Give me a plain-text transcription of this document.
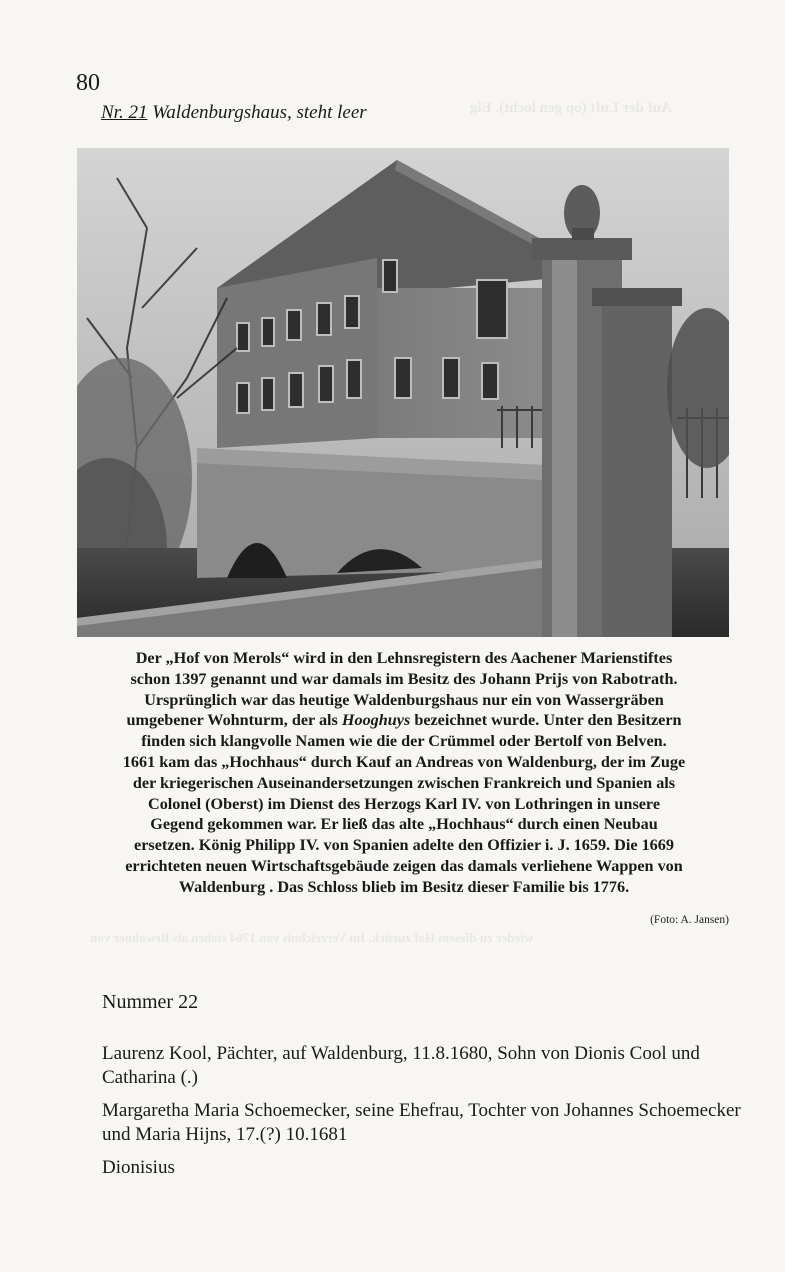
Auf der Luft (op gen locht). Eig
80
Nr. 21 Waldenburgshaus, steht leer
Der „Hof von Merols“ wird in den Lehnsregistern des Aachener Marienstiftes
schon 1397 genannt und war damals im Besitz des Johann Prijs von Rabotrath.
Ursprünglich war das heutige Waldenburgshaus nur ein von Wassergräben
umgebener Wohnturm, der als Hooghuys bezeichnet wurde. Unter den Besitzern
finden sich klangvolle Namen wie die der Crümmel oder Bertolf von Belven.
1661 kam das „Hochhaus“ durch Kauf an Andreas von Waldenburg, der im Zuge
der kriegerischen Auseinandersetzungen zwischen Frankreich und Spanien als
Colonel (Oberst) im Dienst des Herzogs Karl IV. von Lothringen in unsere
Gegend gekommen war. Er ließ das alte „Hochhaus“ durch einen Neubau
ersetzen. König Philipp IV. von Spanien adelte den Offizier i. J. 1659. Die 1669
errichteten neuen Wirtschaftsgebäude zeigen das damals verliehene Wappen von
Waldenburg . Das Schloss blieb im Besitz dieser Familie bis 1776.
(Foto: A. Jansen)
wieder zu diesem Hof zurück. Im Verzeichnis von 1764 stehen als Bewohner von
Nummer 22
Laurenz Kool, Pächter, auf Waldenburg, 11.8.1680, Sohn von Dionis Cool und Catharina (.)
Margaretha Maria Schoemecker, seine Ehefrau, Tochter von Johannes Schoemecker und Maria Hijns, 17.(?) 10.1681
Dionisius
